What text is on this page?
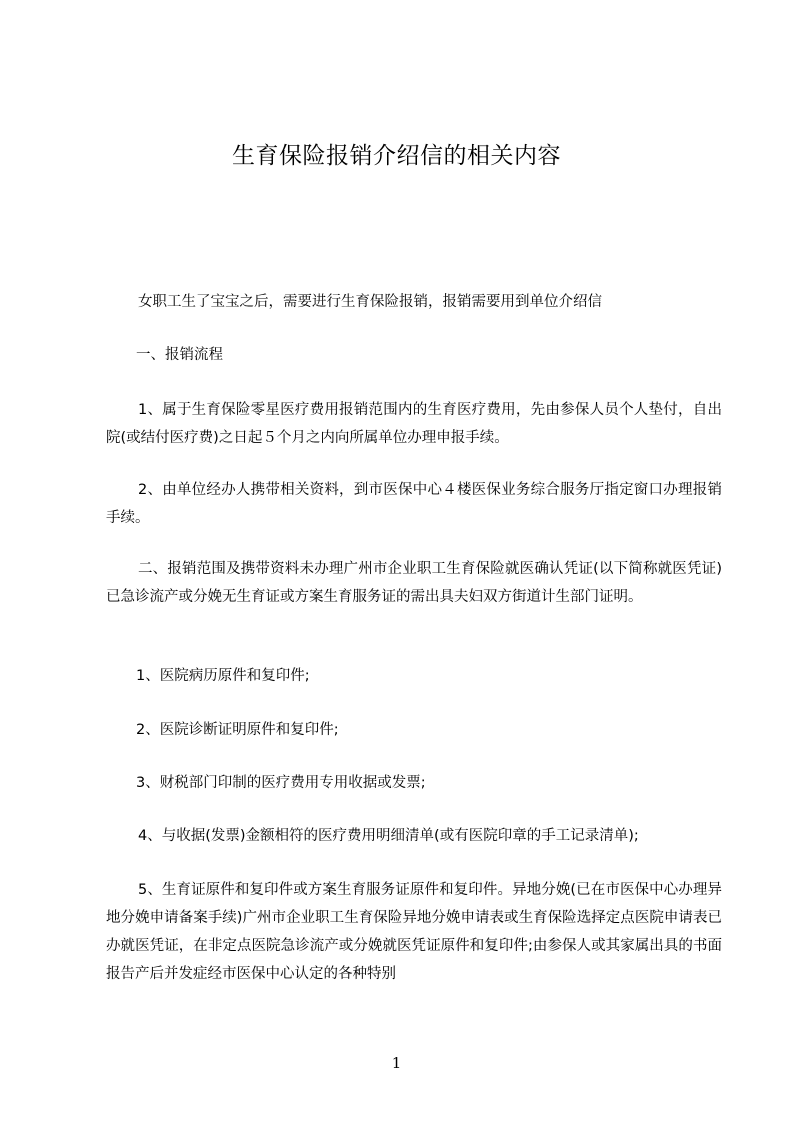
生育保险报销介绍信的相关内容
女职工生了宝宝之后，需要进行生育保险报销，报销需要用到单位介绍信
一、报销流程
1、属于生育保险零星医疗费用报销范围内的生育医疗费用，先由参保人员个人垫付，自出院(或结付医疗费)之日起５个月之内向所属单位办理申报手续。
2、由单位经办人携带相关资料，到市医保中心４楼医保业务综合服务厅指定窗口办理报销手续。
二、报销范围及携带资料未办理广州市企业职工生育保险就医确认凭证(以下简称就医凭证)已急诊流产或分娩无生育证或方案生育服务证的需出具夫妇双方街道计生部门证明。
1、医院病历原件和复印件;
2、医院诊断证明原件和复印件;
3、财税部门印制的医疗费用专用收据或发票;
4、与收据(发票)金额相符的医疗费用明细清单(或有医院印章的手工记录清单);
5、生育证原件和复印件或方案生育服务证原件和复印件。异地分娩(已在市医保中心办理异地分娩申请备案手续)广州市企业职工生育保险异地分娩申请表或生育保险选择定点医院申请表已办就医凭证，在非定点医院急诊流产或分娩就医凭证原件和复印件;由参保人或其家属出具的书面报告产后并发症经市医保中心认定的各种特别
1
